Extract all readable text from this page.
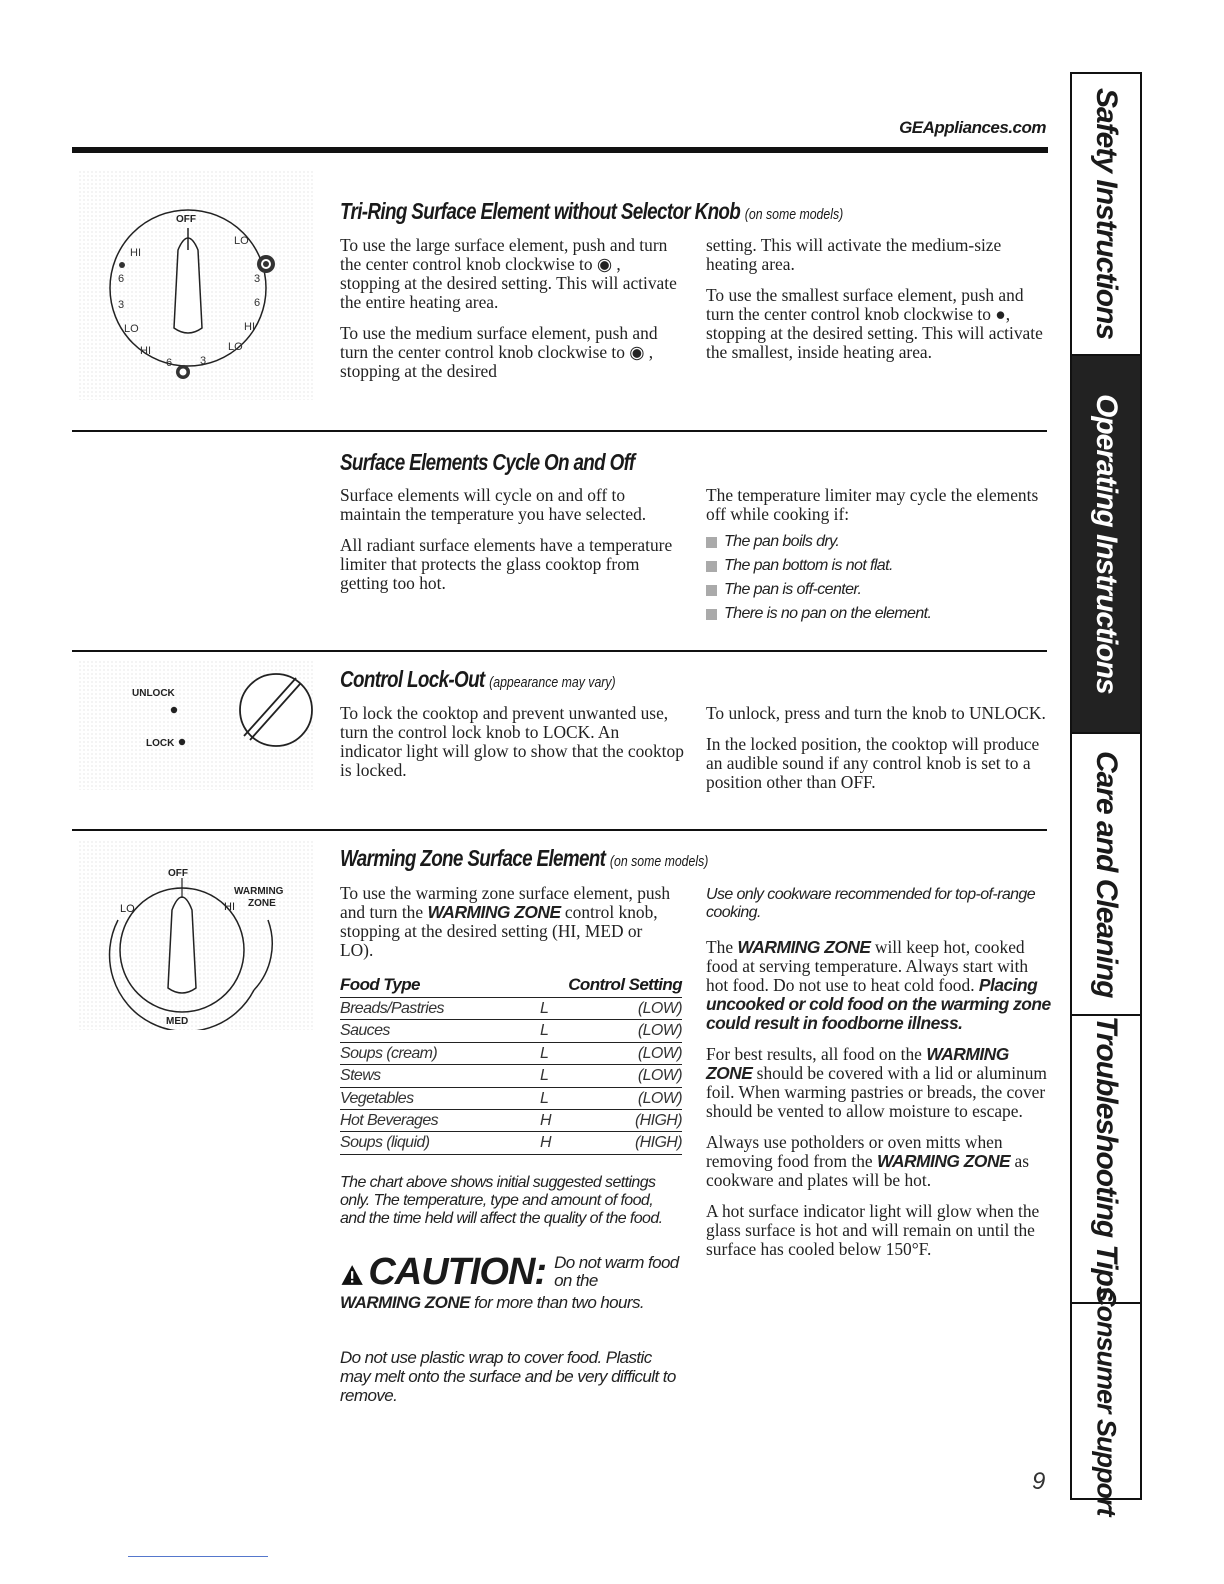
GEAppliances.com
OFF
HI
6
3
LO
HI
6	3
LO
HI
6
3
LO
Tri-Ring Surface Element without Selector Knob (on some models)

To use the large surface element, push and turn the center control knob clockwise to ◉ , stopping at the desired setting. This will activate the entire heating area.

To use the medium surface element, push and turn the center control knob clockwise to ◉ , stopping at the desired

setting. This will activate the medium-size heating area.

To use the smallest surface element, push and turn the center control knob clockwise to ●, stopping at the desired setting. This will activate the smallest, inside heating area.

Surface Elements Cycle On and Off

Surface elements will cycle on and off to maintain the temperature you have selected.

All radiant surface elements have a temperature limiter that protects the glass cooktop from getting too hot.

The temperature limiter may cycle the elements off while cooking if:

The pan boils dry.
The pan bottom is not flat.
The pan is off-center.
There is no pan on the element.
UNLOCK
LOCK
Control Lock-Out (appearance may vary)

To lock the cooktop and prevent unwanted use, turn the control lock knob to LOCK. An indicator light will glow to show that the cooktop is locked.

To unlock, press and turn the knob to UNLOCK.

In the locked position, the cooktop will produce an audible sound if any control knob is set to a position other than OFF.

OFF
WARMING
ZONE
MED
LO	HI
Warming Zone Surface Element (on some models)

To use the warming zone surface element, push and turn the WARMING ZONE control knob, stopping at the desired setting (HI, MED or LO).

Food Type	Control Setting
Breads/Pastries	L	(LOW)
Sauces	L	(LOW)
Soups (cream)	L	(LOW)
Stews	L	(LOW)
Vegetables	L	(LOW)
Hot Beverages	H	(HIGH)
Soups (liquid)	H	(HIGH)
The chart above shows initial suggested settings only. The temperature, type and amount of food, and the time held will affect the quality of the food.
CAUTION: Do not warm food on the
WARMING ZONE for more than two hours.
Do not use plastic wrap to cover food. Plastic may melt onto the surface and be very difficult to remove.
Use only cookware recommended for top-of-range cooking.

The WARMING ZONE will keep hot, cooked food at serving temperature. Always start with hot food. Do not use to heat cold food. Placing uncooked or cold food on the warming zone could result in foodborne illness.

For best results, all food on the WARMING ZONE should be covered with a lid or aluminum foil. When warming pastries or breads, the cover should be vented to allow moisture to escape.

Always use potholders or oven mitts when removing food from the WARMING ZONE as cookware and plates will be hot.

A hot surface indicator light will glow when the glass surface is hot and will remain on until the surface has cooled below 150°F.

Safety Instructions
Operating Instructions
Care and Cleaning
Troubleshooting Tips
Consumer Support
9
